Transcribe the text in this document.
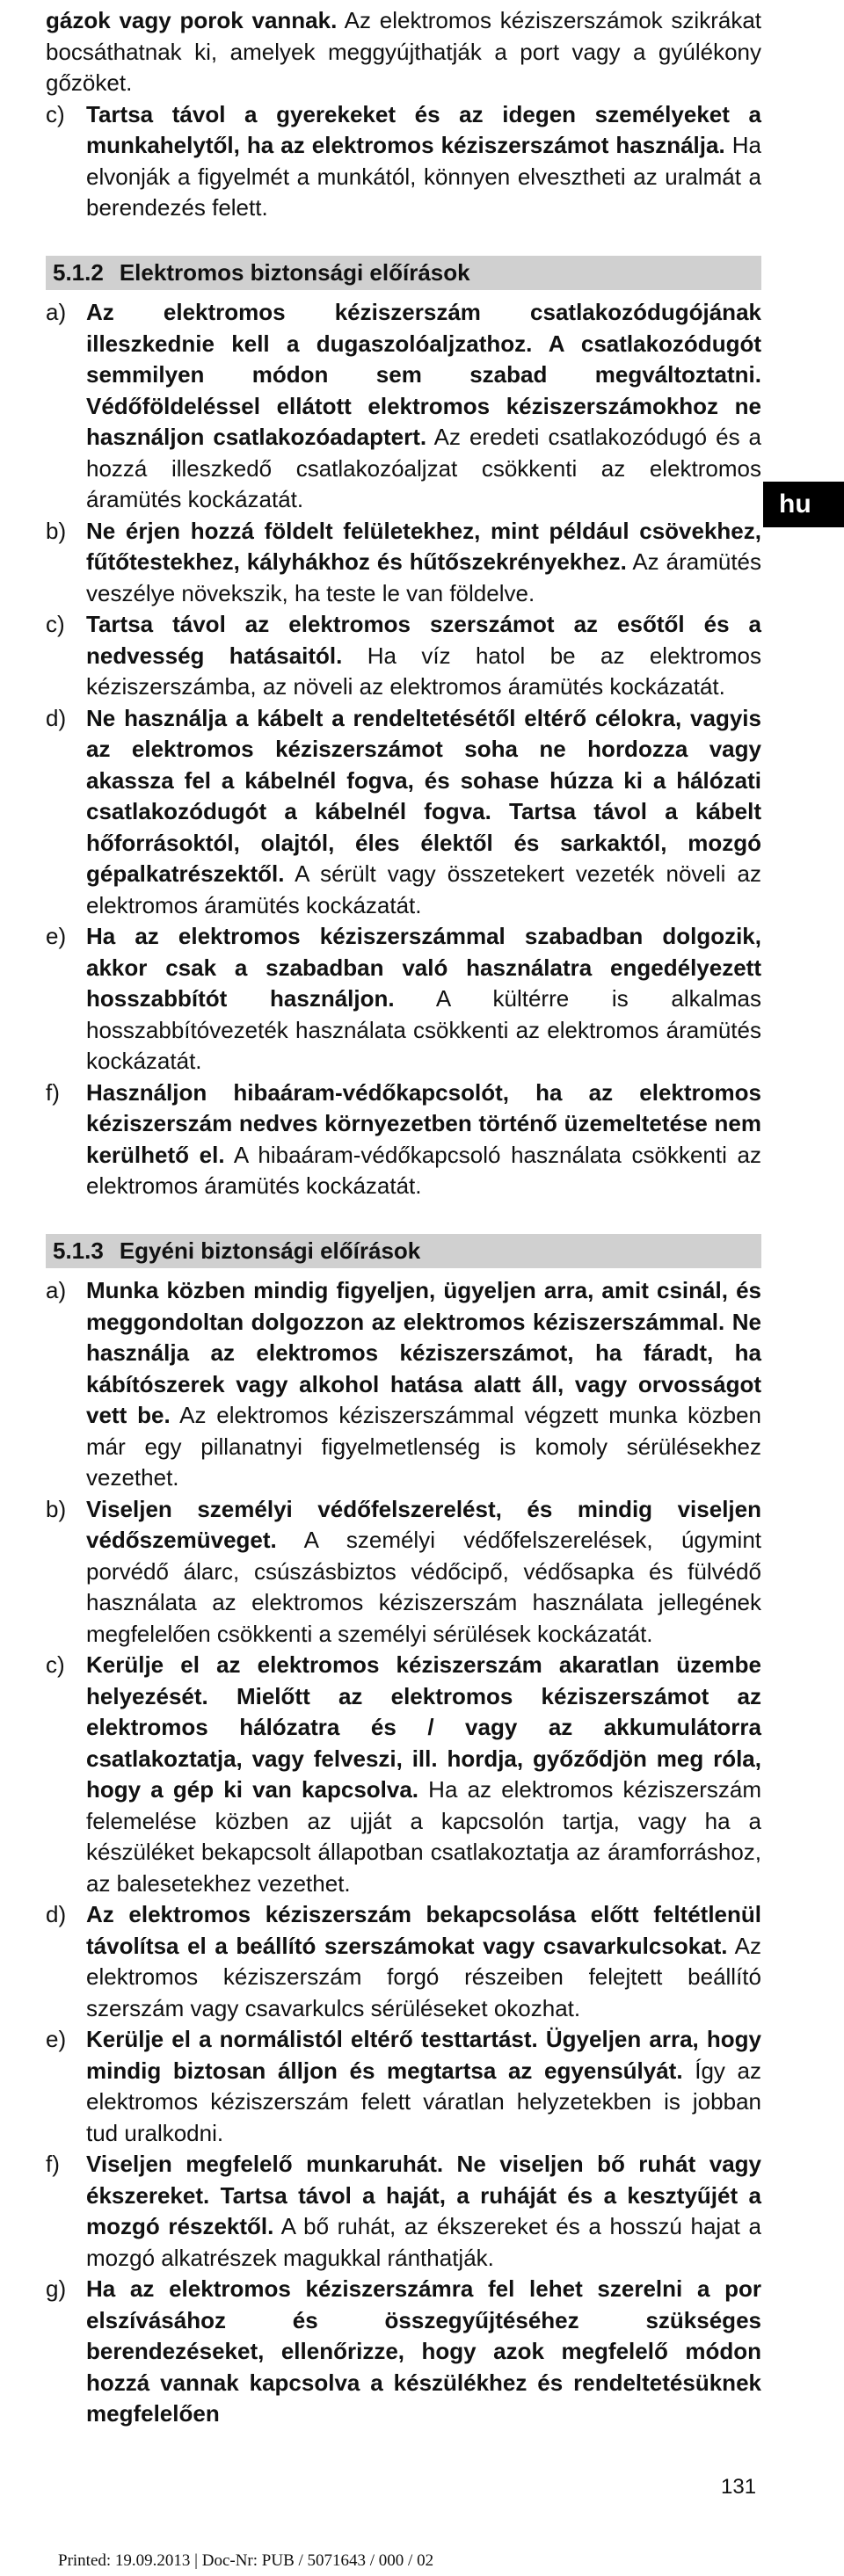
gázok vagy porok vannak. Az elektromos kéziszerszámok szikrákat bocsáthatnak ki, amelyek meggyújthatják a port vagy a gyúlékony gőzöket.

c) Tartsa távol a gyerekeket és az idegen személyeket a munkahelytől, ha az elektromos kéziszerszámot használja. Ha elvonják a figyelmét a munkától, könnyen elvesztheti az uralmát a berendezés felett.

5.1.2 Elektromos biztonsági előírások
a) Az elektromos kéziszerszám csatlakozódugójának illeszkednie kell a dugaszolóaljzathoz. A csatlakozódugót semmilyen módon sem szabad megváltoztatni. Védőföldeléssel ellátott elektromos kéziszerszámokhoz ne használjon csatlakozóadaptert. Az eredeti csatlakozódugó és a hozzá illeszkedő csatlakozóaljzat csökkenti az elektromos áramütés kockázatát.

b) Ne érjen hozzá földelt felületekhez, mint például csövekhez, fűtőtestekhez, kályhákhoz és hűtőszekrényekhez. Az áramütés veszélye növekszik, ha teste le van földelve.

c) Tartsa távol az elektromos szerszámot az esőtől és a nedvesség hatásaitól. Ha víz hatol be az elektromos kéziszerszámba, az növeli az elektromos áramütés kockázatát.

d) Ne használja a kábelt a rendeltetésétől eltérő célokra, vagyis az elektromos kéziszerszámot soha ne hordozza vagy akassza fel a kábelnél fogva, és sohase húzza ki a hálózati csatlakozódugót a kábelnél fogva. Tartsa távol a kábelt hőforrásoktól, olajtól, éles élektől és sarkaktól, mozgó gépalkatrészektől. A sérült vagy összetekert vezeték növeli az elektromos áramütés kockázatát.

e) Ha az elektromos kéziszerszámmal szabadban dolgozik, akkor csak a szabadban való használatra engedélyezett hosszabbítót használjon. A kültérre is alkalmas hosszabbítóvezeték használata csökkenti az elektromos áramütés kockázatát.

f)	Használjon hibaáram-védőkapcsolót, ha az elektromos kéziszerszám nedves környezetben történő üzemeltetése nem kerülhető el. A hibaáram-védőkapcsoló használata csökkenti az elektromos áramütés kockázatát.

5.1.3 Egyéni biztonsági előírások
a) Munka közben mindig figyeljen, ügyeljen arra, amit csinál, és meggondoltan dolgozzon az elektromos kéziszerszámmal. Ne használja az elektromos kéziszerszámot, ha fáradt, ha kábítószerek vagy alkohol hatása alatt áll, vagy orvosságot vett be. Az elektromos kéziszerszámmal végzett munka közben már egy pillanatnyi figyelmetlenség is komoly sérülésekhez vezethet.

b) Viseljen személyi védőfelszerelést, és mindig viseljen védőszemüveget. A személyi védőfelszerelések, úgymint porvédő álarc, csúszásbiztos védőcipő, védősapka és fülvédő használata az elektromos kéziszerszám használata jellegének megfelelően csökkenti a személyi sérülések kockázatát.

c) Kerülje el az elektromos kéziszerszám akaratlan üzembe helyezését. Mielőtt az elektromos kéziszerszámot az elektromos hálózatra és / vagy az akkumulátorra csatlakoztatja, vagy felveszi, ill. hordja, győződjön meg róla, hogy a gép ki van kapcsolva. Ha az elektromos kéziszerszám felemelése közben az ujját a kapcsolón tartja, vagy ha a készüléket bekapcsolt állapotban csatlakoztatja az áramforráshoz, az balesetekhez vezethet.

d) Az elektromos kéziszerszám bekapcsolása előtt feltétlenül távolítsa el a beállító szerszámokat vagy csavarkulcsokat. Az elektromos kéziszerszám forgó részeiben felejtett beállító szerszám vagy csavarkulcs sérüléseket okozhat.

e) Kerülje el a normálistól eltérő testtartást. Ügyeljen arra, hogy mindig biztosan álljon és megtartsa az egyensúlyát. Így az elektromos kéziszerszám felett váratlan helyzetekben is jobban tud uralkodni.

f)	Viseljen megfelelő munkaruhát. Ne viseljen bő ruhát vagy ékszereket. Tartsa távol a haját, a ruháját és a kesztyűjét a mozgó részektől. A bő ruhát, az ékszereket és a hosszú hajat a mozgó alkatrészek magukkal ránthatják.

g) Ha az elektromos kéziszerszámra fel lehet szerelni a por elszívásához és összegyűjtéséhez szükséges berendezéseket, ellenőrizze, hogy azok megfelelő módon hozzá vannak kapcsolva a készülékhez és rendeltetésüknek megfelelően

hu
131
Printed: 19.09.2013 | Doc-Nr: PUB / 5071643 / 000 / 02
